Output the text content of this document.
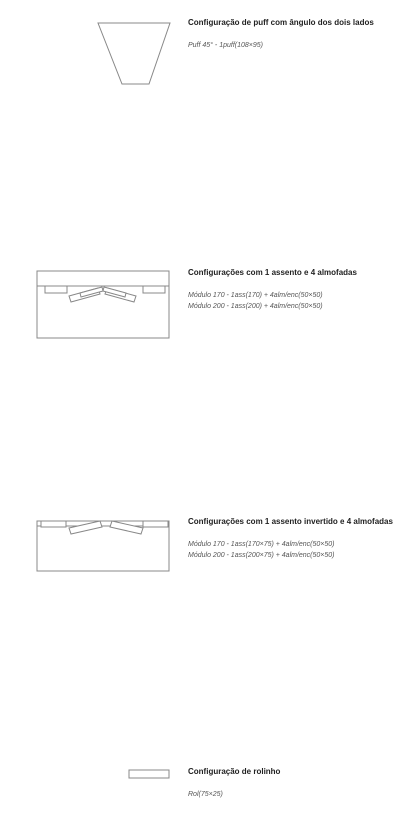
Configuração de puff com ângulo dos dois lados
Puff 45° - 1puff(108×95)
Configurações com 1 assento e 4 almofadas
Módulo 170 - 1ass(170) + 4alm/enc(50×50)
Módulo 200 - 1ass(200) + 4alm/enc(50×50)
Configurações com 1 assento invertido e 4 almofadas
Módulo 170 - 1ass(170×75) + 4alm/enc(50×50)
Módulo 200 - 1ass(200×75) + 4alm/enc(50×50)
Configuração de rolinho
Rol(75×25)
